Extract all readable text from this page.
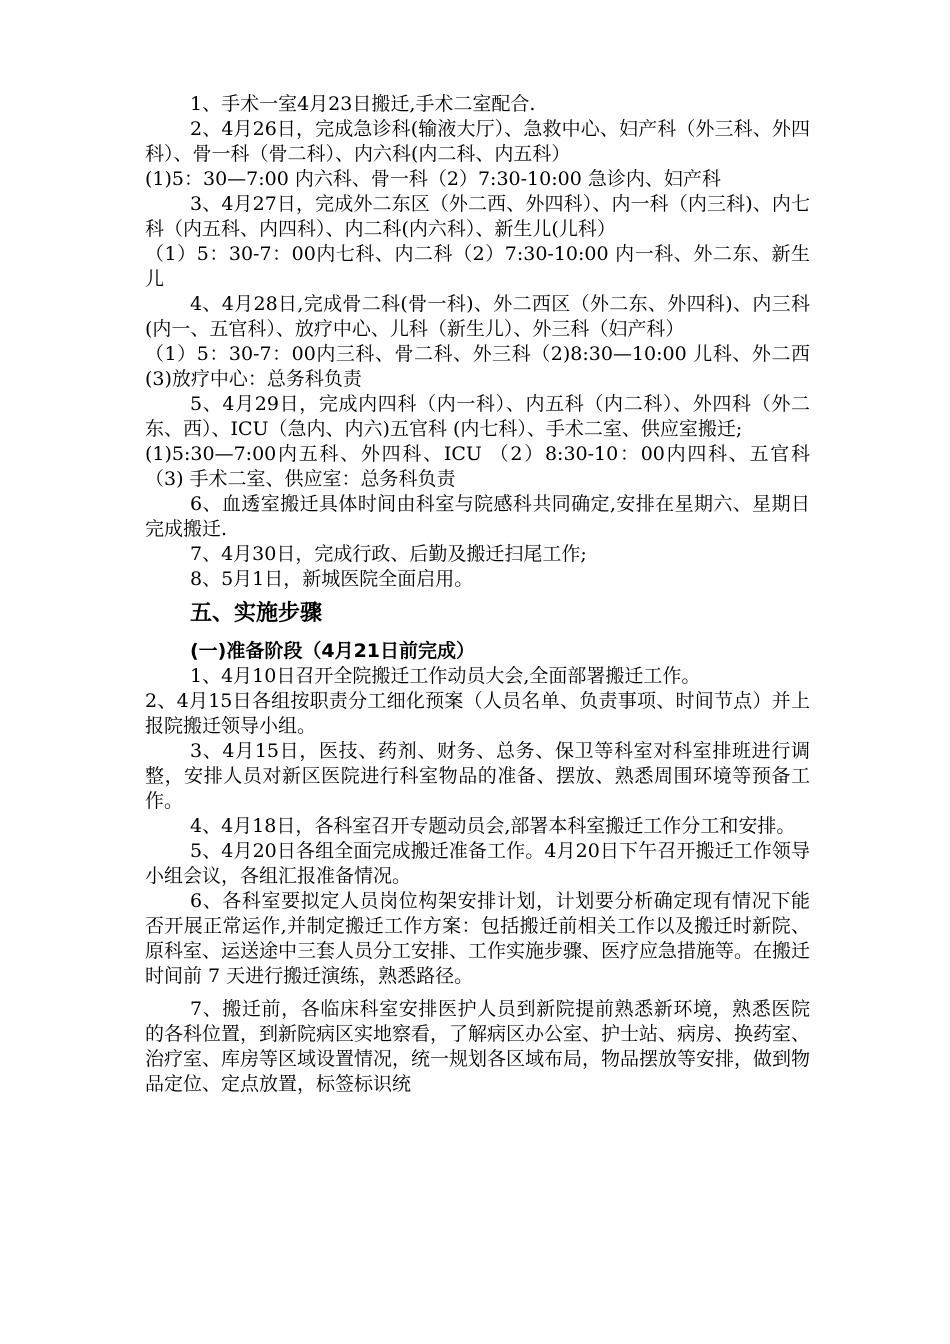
1、手术一室4月23日搬迁,手术二室配合.

2、4月26日，完成急诊科(输液大厅）、急救中心、妇产科（外三科、外四科）、骨一科（骨二科）、内六科(内二科、内五科）

(1)5：30—7:00 内六科、骨一科（2）7:30-10:00 急诊内、妇产科

3、4月27日，完成外二东区（外二西、外四科）、内一科（内三科)、内七科（内五科、内四科）、内二科(内六科）、新生儿(儿科）

（1）5：30-7：00内七科、内二科（2）7:30-10:00 内一科、外二东、新生儿

4、4月28日,完成骨二科(骨一科)、外二西区（外二东、外四科)、内三科 (内一、五官科）、放疗中心、儿科（新生儿）、外三科（妇产科）

（1）5：30-7：00内三科、骨二科、外三科（2)8:30—10:00 儿科、外二西 (3)放疗中心：总务科负责

5、4月29日，完成内四科（内一科）、内五科（内二科）、外四科（外二东、西）、ICU（急内、内六)五官科 (内七科）、手术二室、供应室搬迁;

(1)5:30—7:00内五科、外四科、ICU （2）8:30-10：00内四科、五官科（3) 手术二室、供应室：总务科负责

6、血透室搬迁具体时间由科室与院感科共同确定,安排在星期六、星期日完成搬迁.

7、4月30日，完成行政、后勤及搬迁扫尾工作;

8、5月1日，新城医院全面启用。

五、实施步骤
(一)准备阶段（4月21日前完成）

1、4月10日召开全院搬迁工作动员大会,全面部署搬迁工作。

2、4月15日各组按职责分工细化预案（人员名单、负责事项、时间节点）并上报院搬迁领导小组。

3、4月15日，医技、药剂、财务、总务、保卫等科室对科室排班进行调整，安排人员对新区医院进行科室物品的准备、摆放、熟悉周围环境等预备工作。

4、4月18日，各科室召开专题动员会,部署本科室搬迁工作分工和安排。

5、4月20日各组全面完成搬迁准备工作。4月20日下午召开搬迁工作领导小组会议，各组汇报准备情况。

6、各科室要拟定人员岗位构架安排计划，计划要分析确定现有情况下能否开展正常运作,并制定搬迁工作方案：包括搬迁前相关工作以及搬迁时新院、原科室、运送途中三套人员分工安排、工作实施步骤、医疗应急措施等。在搬迁时间前 7 天进行搬迁演练，熟悉路径。

7、搬迁前，各临床科室安排医护人员到新院提前熟悉新环境，熟悉医院的各科位置，到新院病区实地察看，了解病区办公室、护士站、病房、换药室、治疗室、库房等区域设置情况，统一规划各区域布局，物品摆放等安排，做到物品定位、定点放置，标签标识统
